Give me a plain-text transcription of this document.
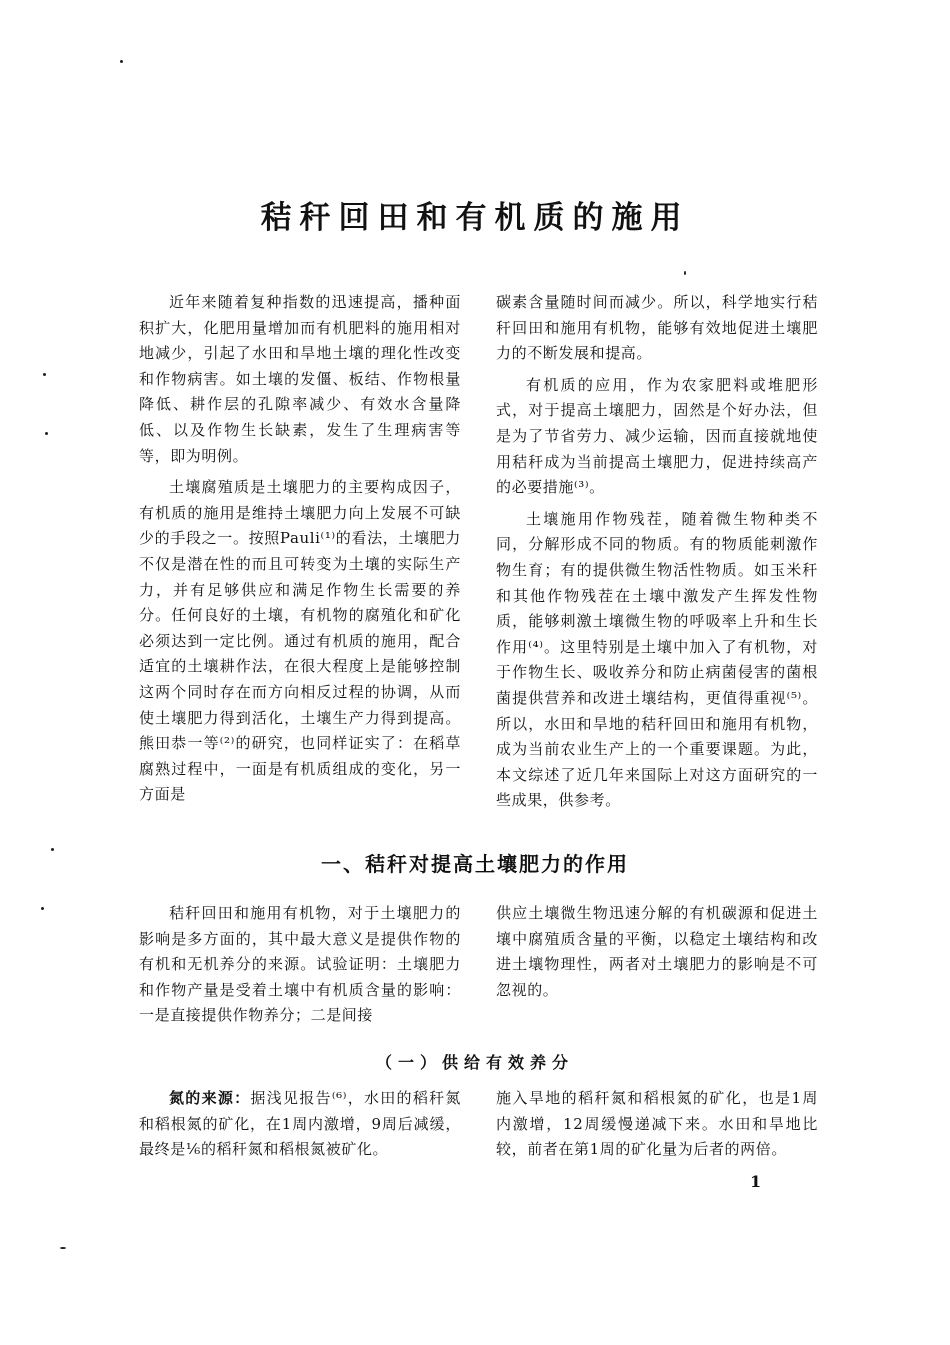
秸秆回田和有机质的施用

近年来随着复种指数的迅速提高，播种面积扩大，化肥用量增加而有机肥料的施用相对地减少，引起了水田和旱地土壤的理化性改变和作物病害。如土壤的发僵、板结、作物根量降低、耕作层的孔隙率减少、有效水含量降低、以及作物生长缺素，发生了生理病害等等，即为明例。

土壤腐殖质是土壤肥力的主要构成因子，有机质的施用是维持土壤肥力向上发展不可缺少的手段之一。按照Pauli⁽¹⁾的看法，土壤肥力不仅是潜在性的而且可转变为土壤的实际生产力，并有足够供应和满足作物生长需要的养分。任何良好的土壤，有机物的腐殖化和矿化必须达到一定比例。通过有机质的施用，配合适宜的土壤耕作法，在很大程度上是能够控制这两个同时存在而方向相反过程的协调，从而使土壤肥力得到活化，土壤生产力得到提高。熊田恭一等⁽²⁾的研究，也同样证实了：在稻草腐熟过程中，一面是有机质组成的变化，另一方面是

碳素含量随时间而减少。所以，科学地实行秸秆回田和施用有机物，能够有效地促进土壤肥力的不断发展和提高。

有机质的应用，作为农家肥料或堆肥形式，对于提高土壤肥力，固然是个好办法，但是为了节省劳力、减少运输，因而直接就地使用秸秆成为当前提高土壤肥力，促进持续高产的必要措施⁽³⁾。

土壤施用作物残茬，随着微生物种类不同，分解形成不同的物质。有的物质能刺激作物生育；有的提供微生物活性物质。如玉米秆和其他作物残茬在土壤中激发产生挥发性物质，能够刺激土壤微生物的呼吸率上升和生长作用⁽⁴⁾。这里特别是土壤中加入了有机物，对于作物生长、吸收养分和防止病菌侵害的菌根菌提供营养和改进土壤结构，更值得重视⁽⁵⁾。所以，水田和旱地的秸秆回田和施用有机物，成为当前农业生产上的一个重要课题。为此，本文综述了近几年来国际上对这方面研究的一些成果，供参考。

一、秸秆对提高土壤肥力的作用

秸秆回田和施用有机物，对于土壤肥力的影响是多方面的，其中最大意义是提供作物的有机和无机养分的来源。试验证明：土壤肥力和作物产量是受着土壤中有机质含量的影响：一是直接提供作物养分；二是间接

供应土壤微生物迅速分解的有机碳源和促进土壤中腐殖质含量的平衡，以稳定土壤结构和改进土壤物理性，两者对土壤肥力的影响是不可忽视的。

（一）供给有效养分

氮的来源：据浅见报告⁽⁶⁾，水田的稻秆氮和稻根氮的矿化，在1周内激增，9周后减缓，最终是⅙的稻秆氮和稻根氮被矿化。

施入旱地的稻秆氮和稻根氮的矿化，也是1周内激增，12周缓慢递减下来。水田和旱地比较，前者在第1周的矿化量为后者的两倍。

1
